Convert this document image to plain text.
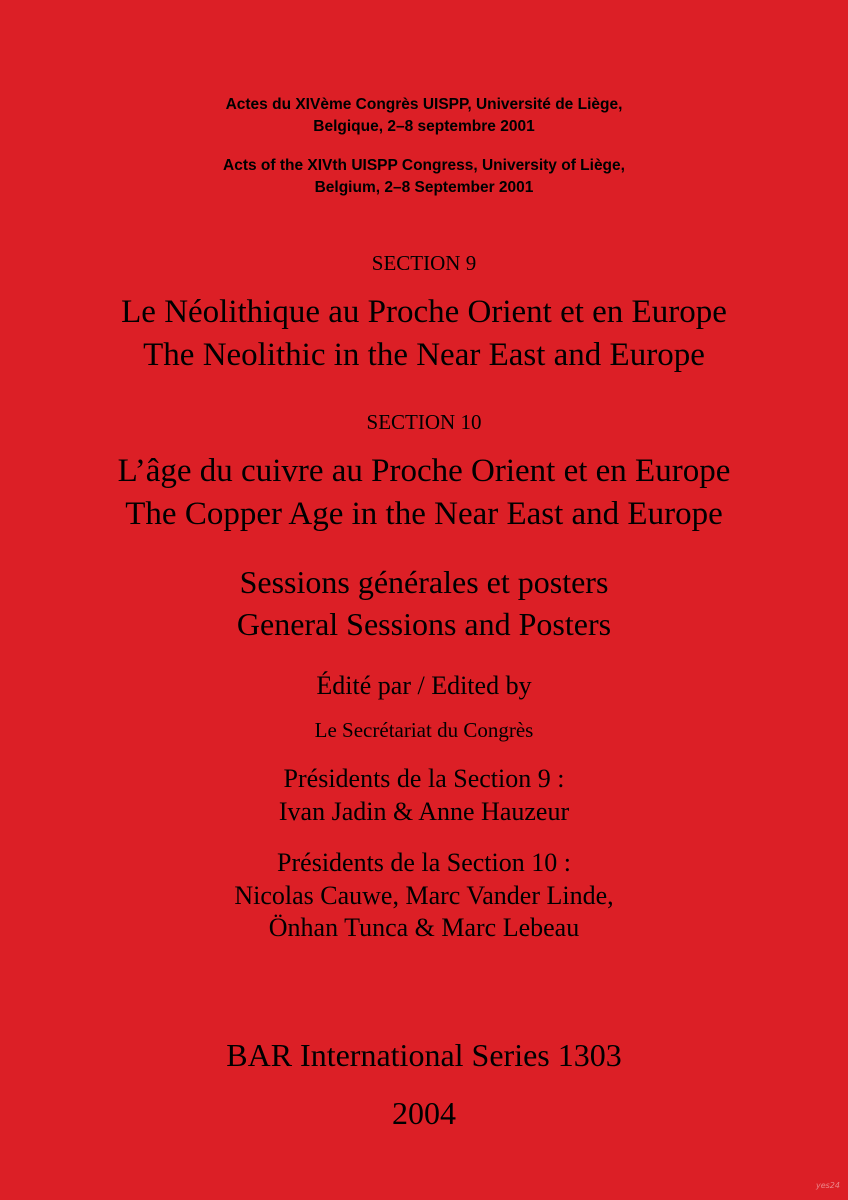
Actes du XIVème Congrès UISPP, Université de Liège,
Belgique, 2–8 septembre 2001
Acts of the XIVth UISPP Congress, University of Liège,
Belgium, 2–8 September 2001
SECTION 9
Le Néolithique au Proche Orient et en Europe
The Neolithic in the Near East and Europe
SECTION 10
L’âge du cuivre au Proche Orient et en Europe
The Copper Age in the Near East and Europe
Sessions générales et posters
General Sessions and Posters
Édité par / Edited by
Le Secrétariat du Congrès
Présidents de la Section 9 :
Ivan Jadin & Anne Hauzeur
Présidents de la Section 10 :
Nicolas Cauwe, Marc Vander Linde,
Önhan Tunca & Marc Lebeau
BAR International Series 1303
2004
yes24
